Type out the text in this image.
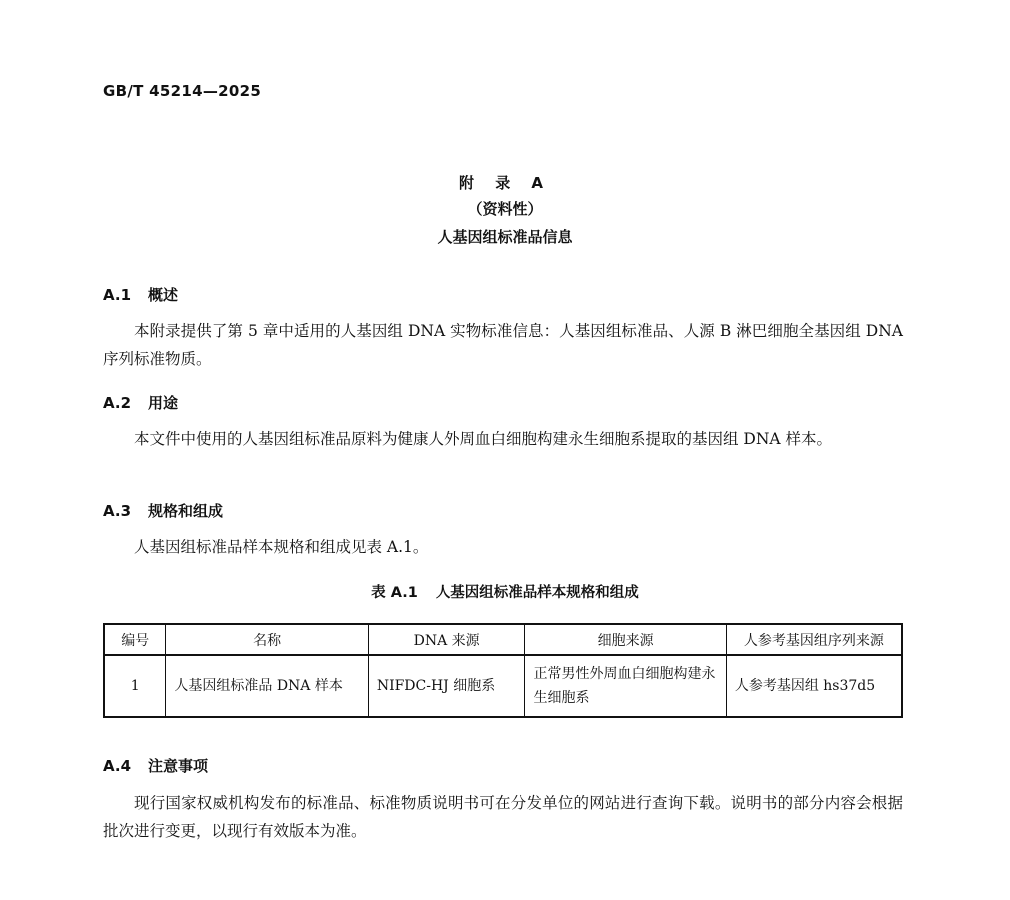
GB/T 45214—2025
附 录 A
（资料性）
人基因组标准品信息
A.1 概述
本附录提供了第 5 章中适用的人基因组 DNA 实物标准信息：人基因组标准品、人源 B 淋巴细胞全基因组 DNA 序列标准物质。
A.2 用途
本文件中使用的人基因组标准品原料为健康人外周血白细胞构建永生细胞系提取的基因组 DNA 样本。
A.3 规格和组成
人基因组标准品样本规格和组成见表 A.1。
表 A.1 人基因组标准品样本规格和组成
编号	名称	DNA 来源	细胞来源	人参考基因组序列来源
1	人基因组标准品 DNA 样本	NIFDC-HJ 细胞系	正常男性外周血白细胞构建永生细胞系	人参考基因组 hs37d5
A.4 注意事项
现行国家权威机构发布的标准品、标准物质说明书可在分发单位的网站进行查询下载。说明书的部分内容会根据批次进行变更，以现行有效版本为准。
